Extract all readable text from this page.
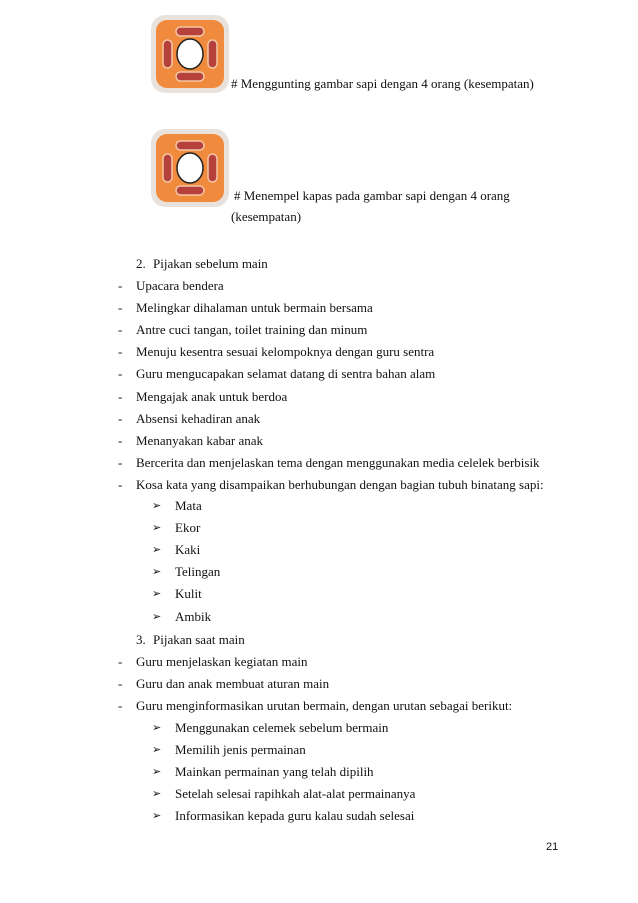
# Menggunting gambar sapi dengan 4 orang (kesempatan)
# Menempel kapas pada gambar sapi dengan 4 orang
(kesempatan)
2. Pijakan sebelum main
- Upacara bendera
- Melingkar dihalaman untuk bermain bersama
- Antre cuci tangan, toilet training dan minum
- Menuju kesentra sesuai kelompoknya dengan guru sentra
- Guru mengucapakan selamat datang di sentra bahan alam
- Mengajak anak untuk berdoa
- Absensi kehadiran anak
- Menanyakan kabar anak
- Bercerita dan menjelaskan tema dengan menggunakan media celelek berbisik
- Kosa kata yang disampaikan berhubungan dengan bagian tubuh binatang sapi:
➢ Mata
➢ Ekor
➢ Kaki
➢ Telingan
➢ Kulit
➢ Ambik
3. Pijakan saat main
- Guru menjelaskan kegiatan main
- Guru dan anak membuat aturan main
- Guru menginformasikan urutan bermain, dengan urutan sebagai berikut:
➢ Menggunakan celemek sebelum bermain
➢ Memilih jenis permainan
➢ Mainkan permainan yang telah dipilih
➢ Setelah selesai rapihkah alat-alat permainanya
➢ Informasikan kepada guru kalau sudah selesai
21
